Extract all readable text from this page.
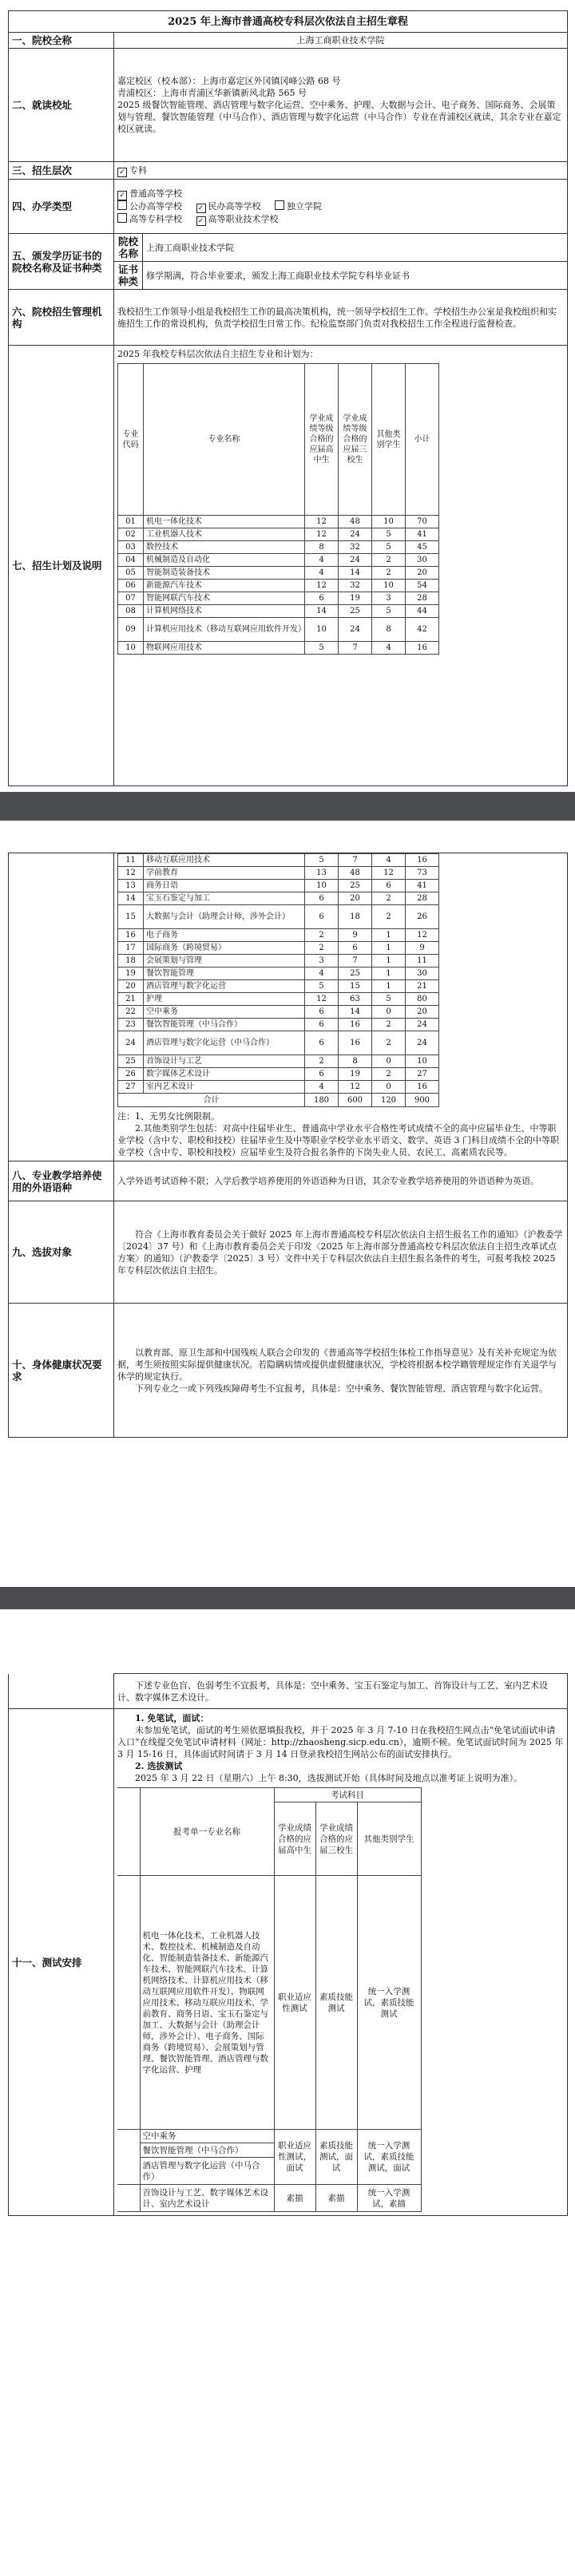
2025 年上海市普通高校专科层次依法自主招生章程
一、院校全称	上海工商职业技术学院
二、就读校址	

嘉定校区（校本部）：上海市嘉定区外冈镇冈峰公路 68 号

青浦校区：上海市青浦区华新镇新风北路 565 号

2025 级餐饮智能管理、酒店管理与数字化运营、空中乘务、护理、大数据与会计、电子商务、国际商务、会展策划与管理、餐饮智能管理（中马合作）、酒店管理与数字化运营（中马合作）专业在青浦校区就读，其余专业在嘉定校区就读。

三、招生层次	✓ 专科
四、办学类型	
✓ 普通高等学校
公办高等学校 ✓ 民办高等学校	独立学院
高等专科学校 ✓ 高等职业技术学校

五、颁发学历证书的院校名称及证书种类	院校名称	上海工商职业技术学院
证书种类	修学期满，符合毕业要求，颁发上海工商职业技术学院专科毕业证书
六、院校招生管理机构	我校招生工作领导小组是我校招生工作的最高决策机构，统一领导学校招生工作。学校招生办公室是我校组织和实施招生工作的常设机构，负责学校招生日常工作。纪检监察部门负责对我校招生工作全程进行监督检查。
七、招生计划及说明	
2025 年我校专科层次依法自主招生专业和计划为：
专业代码	专业名称	学业成绩等级合格的应届高中生	学业成绩等级合格的应届三校生	其他类别学生	小计	
01	机电一体化技术	12	48	10	70	
02	工业机器人技术	12	24	5	41	
03	数控技术	8	32	5	45	
04	机械制造及自动化	4	24	2	30	
05	智能制造装备技术	4	14	2	20	
06	新能源汽车技术	12	32	10	54	
07	智能网联汽车技术	6	19	3	28	
08	计算机网络技术	14	25	5	44	
09	计算机应用技术（移动互联网应用软件开发）	10	24	8	42	
10	物联网应用技术	5	7	4	16	

11	移动互联应用技术	5	7	4	16	
12	学前教育	13	48	12	73	
13	商务日语	10	25	6	41	
14	宝玉石鉴定与加工	6	20	2	28	
15	大数据与会计（助理会计师，涉外会计）	6	18	2	26	
16	电子商务	2	9	1	12	
17	国际商务（跨境贸易）	2	6	1	9	
18	会展策划与管理	3	7	1	11	
19	餐饮智能管理	4	25	1	30	
20	酒店管理与数字化运营	5	15	1	21	
21	护理	12	63	5	80	
22	空中乘务	6	14	0	20	
23	餐饮智能管理（中马合作）	6	16	2	24	
24	酒店管理与数字化运营（中马合作）	6	16	2	24	
25	首饰设计与工艺	2	8	0	10	
26	数字媒体艺术设计	6	19	2	27	
27	室内艺术设计	4	12	0	16	
合计	180	600	120	900	

注：1、无男女比例限制。

2.其他类别学生包括：对高中往届毕业生、普通高中学业水平合格性考试成绩不全的高中应届毕业生、中等职业学校（含中专、职校和技校）往届毕业生及中等职业学校学业水平语文、数学、英语 3 门科目成绩不全的中等职业学校（含中专、职校和技校）应届毕业生及符合报名条件的下岗失业人员、农民工、高素质农民等。

八、专业教学培养使用的外语语种	入学外语考试语种不限；入学后教学培养使用的外语语种为日语，其余专业教学培养使用的外语语种为英语。
九、选拔对象	

符合《上海市教育委员会关于做好 2025 年上海市普通高校专科层次依法自主招生报名工作的通知》（沪教委学〔2024〕37 号）和《上海市教育委员会关于印发〈2025 年上海市部分普通高校专科层次依法自主招生改革试点方案〉的通知》（沪教委学〔2025〕3 号）文件中关于专科层次依法自主招生报名条件的考生，可报考我校 2025 年专科层次依法自主招生。

十、身体健康状况要求	

以教育部、原卫生部和中国残疾人联合会印发的《普通高等学校招生体检工作指导意见》及有关补充规定为依据，考生须按照实际提供健康状况。若隐瞒病情或提供虚假健康状况，学校将根据本校学籍管理规定作有关退学与休学的规定执行。

下列专业之一或下列残疾障碍考生不宜报考，具体是：空中乘务、餐饮智能管理、酒店管理与数字化运营。

下述专业色盲、色弱考生不宜报考，具体是：空中乘务、宝玉石鉴定与加工、首饰设计与工艺、室内艺术设计、数字媒体艺术设计。

十一、测试安排	

1. 免笔试，面试：

未参加免笔试，面试的考生须依愿填报我校，并于 2025 年 3 月 7-10 日在我校招生网点击“免笔试面试申请入口”在线提交免笔试申请材料（网址：http://zhaosheng.sicp.edu.cn），逾期不候。免笔试面试时间为 2025 年 3 月 15-16 日，具体面试时间请于 3 月 14 日登录我校招生网站公布的面试安排执行。

2. 选拔测试

2025 年 3 月 22 日（星期六）上午 8:30，选拔测试开始（具体时间及地点以准考证上说明为准）。

	报考单一专业名称	考试科目	
学业成绩合格的应届高中生	学业成绩合格的应届三校生	其他类别学生
	机电一体化技术、工业机器人技术、数控技术、机械制造及自动化、智能制造装备技术、新能源汽车技术、智能网联汽车技术、计算机网络技术、计算机应用技术（移动互联网应用软件开发）、物联网应用技术、移动互联应用技术、学前教育、商务日语、宝玉石鉴定与加工、大数据与会计（助理会计师，涉外会计）、电子商务、国际商务（跨境贸易）、会展策划与管理、餐饮智能管理、酒店管理与数字化运营、护理	职业适应性测试	素质技能测试	统一入学测试，素质技能测试	
	空中乘务	职业适应性测试，面试	素质技能测试，面试	统一入学测试，素质技能测试，面试	
餐饮智能管理（中马合作）
酒店管理与数字化运营（中马合作）
	首饰设计与工艺、数字媒体艺术设计、室内艺术设计	素描	素描	统一入学测试，素描	
